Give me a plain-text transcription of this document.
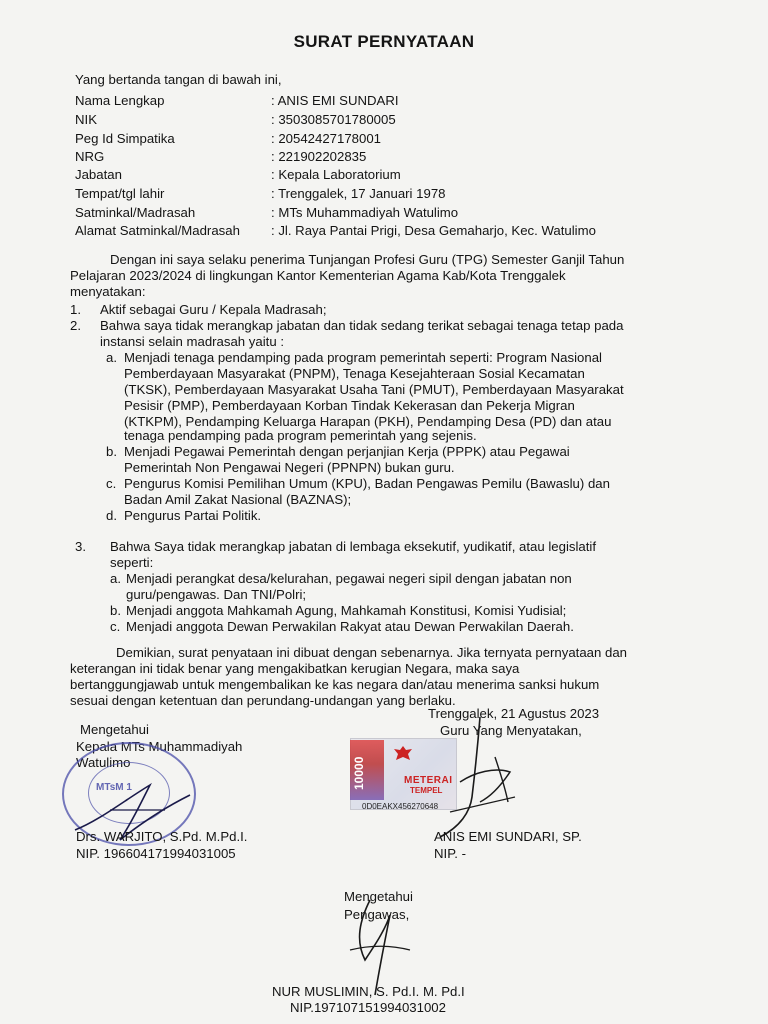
SURAT PERNYATAAN
Yang bertanda tangan di bawah ini,
Nama Lengkap	: ANIS EMI SUNDARI
NIK	: 3503085701780005
Peg Id Simpatika	: 20542427178001
NRG	: 221902202835
Jabatan	: Kepala Laboratorium
Tempat/tgl lahir	: Trenggalek, 17 Januari 1978
Satminkal/Madrasah	: MTs Muhammadiyah Watulimo
Alamat Satminkal/Madrasah : Jl. Raya Pantai Prigi, Desa Gemaharjo, Kec. Watulimo
Dengan ini saya selaku penerima Tunjangan Profesi Guru (TPG) Semester Ganjil Tahun
Pelajaran 2023/2024 di lingkungan Kantor Kementerian Agama Kab/Kota Trenggalek
menyatakan:
1. Aktif sebagai Guru / Kepala Madrasah;
2. Bahwa saya tidak merangkap jabatan dan tidak sedang terikat sebagai tenaga tetap pada
instansi selain madrasah yaitu :
a. Menjadi tenaga pendamping pada program pemerintah seperti: Program Nasional
Pemberdayaan Masyarakat (PNPM), Tenaga Kesejahteraan Sosial Kecamatan
(TKSK), Pemberdayaan Masyarakat Usaha Tani (PMUT), Pemberdayaan Masyarakat
Pesisir (PMP), Pemberdayaan Korban Tindak Kekerasan dan Pekerja Migran
(KTKPM), Pendamping Keluarga Harapan (PKH), Pendamping Desa (PD) dan atau
tenaga pendamping pada program pemerintah yang sejenis.
b. Menjadi Pegawai Pemerintah dengan perjanjian Kerja (PPPK) atau Pegawai
Pemerintah Non Pengawai Negeri (PPNPN) bukan guru.
c. Pengurus Komisi Pemilihan Umum (KPU), Badan Pengawas Pemilu (Bawaslu) dan
Badan Amil Zakat Nasional (BAZNAS);
d. Pengurus Partai Politik.
3. Bahwa Saya tidak merangkap jabatan di lembaga eksekutif, yudikatif, atau legislatif
seperti:
a. Menjadi perangkat desa/kelurahan, pegawai negeri sipil dengan jabatan non
guru/pengawas. Dan TNI/Polri;
b. Menjadi anggota Mahkamah Agung, Mahkamah Konstitusi, Komisi Yudisial;
c. Menjadi anggota Dewan Perwakilan Rakyat atau Dewan Perwakilan Daerah.
Demikian, surat penyataan ini dibuat dengan sebenarnya. Jika ternyata pernyataan dan
keterangan ini tidak benar yang mengakibatkan kerugian Negara, maka saya
bertanggungjawab untuk mengembalikan ke kas negara dan/atau menerima sanksi hukum
sesuai dengan ketentuan dan perundang-undangan yang berlaku.
Trenggalek, 21 Agustus 2023
Guru Yang Menyatakan,
Mengetahui
Kepala MTs Muhammadiyah
Watulimo
MTsM 1
Drs. WARJITO, S.Pd. M.Pd.I.
NIP. 196604171994031005
10000	METERAI
TEMPEL
0D0EAKX456270648
ANIS EMI SUNDARI, SP.
NIP. -
Mengetahui
Pengawas,
NUR MUSLIMIN, S. Pd.I. M. Pd.I
NIP.197107151994031002
